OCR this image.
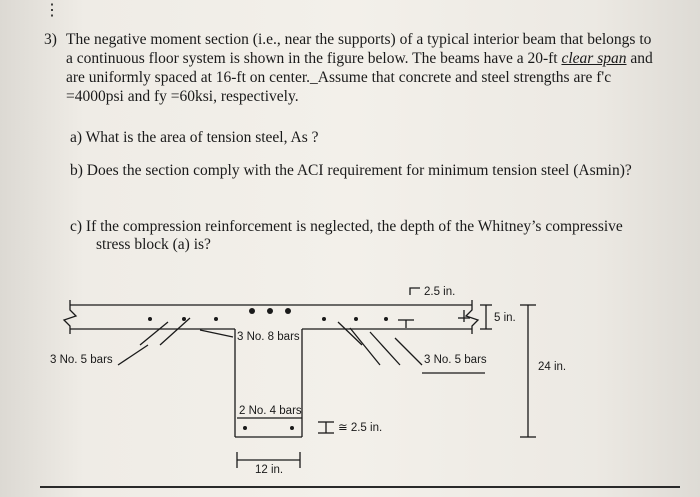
⋮
3) The negative moment section (i.e., near the supports) of a typical interior beam that belongs to
a continuous floor system is shown in the figure below. The beams have a 20-ft clear span and
are uniformly spaced at 16-ft on center._Assume that concrete and steel strengths are f'c
=4000psi and fy =60ksi, respectively.
a) What is the area of tension steel, As ?
b) Does the section comply with the ACI requirement for minimum tension steel (Asmin)?
c) If the compression reinforcement is neglected, the depth of the Whitney’s compressive
stress block (a) is?
2.5 in.
5 in.
3 No. 5 bars
3 No. 8 bars
3 No. 5 bars
24 in.
2 No. 4 bars
≅ 2.5 in.
12 in.
